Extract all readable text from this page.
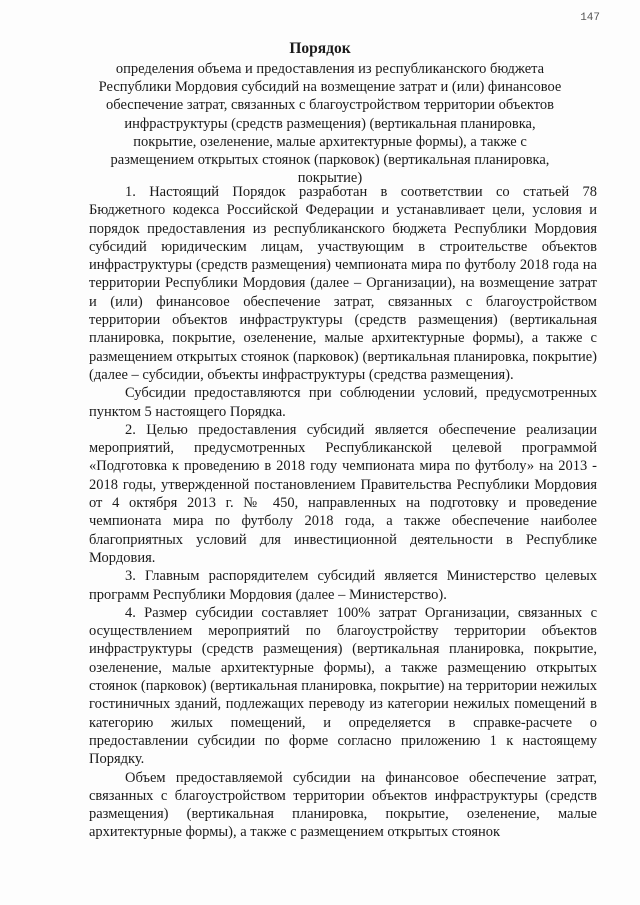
147
Порядок
определения объема и предоставления из республиканского бюджета Республики Мордовия субсидий на возмещение затрат и (или) финансовое обеспечение затрат, связанных с благоустройством территории объектов инфраструктуры (средств размещения) (вертикальная планировка, покрытие, озеленение, малые архитектурные формы), а также с размещением открытых стоянок (парковок) (вертикальная планировка, покрытие)

1. Настоящий Порядок разработан в соответствии со статьей 78 Бюджетного кодекса Российской Федерации и устанавливает цели, условия и порядок предоставления из республиканского бюджета Республики Мордовия субсидий юридическим лицам, участвующим в строительстве объектов инфраструктуры (средств размещения) чемпионата мира по футболу 2018 года на территории Республики Мордовия (далее – Организации), на возмещение затрат и (или) финансовое обеспечение затрат, связанных с благоустройством территории объектов инфраструктуры (средств размещения) (вертикальная планировка, покрытие, озеленение, малые архитектурные формы), а также с размещением открытых стоянок (парковок) (вертикальная планировка, покрытие) (далее – субсидии, объекты инфраструктуры (средства размещения).

Субсидии предоставляются при соблюдении условий, предусмотренных пунктом 5 настоящего Порядка.

2. Целью предоставления субсидий является обеспечение реализации мероприятий, предусмотренных Республиканской целевой программой «Подготовка к проведению в 2018 году чемпионата мира по футболу» на 2013 - 2018 годы, утвержденной постановлением Правительства Республики Мордовия от 4 октября 2013 г. № 450, направленных на подготовку и проведение чемпионата мира по футболу 2018 года, а также обеспечение наиболее благоприятных условий для инвестиционной деятельности в Республике Мордовия.

3. Главным распорядителем субсидий является Министерство целевых программ Республики Мордовия (далее – Министерство).

4. Размер субсидии составляет 100% затрат Организации, связанных с осуществлением мероприятий по благоустройству территории объектов инфраструктуры (средств размещения) (вертикальная планировка, покрытие, озеленение, малые архитектурные формы), а также размещению открытых стоянок (парковок) (вертикальная планировка, покрытие) на территории нежилых гостиничных зданий, подлежащих переводу из категории нежилых помещений в категорию жилых помещений, и определяется в справке-расчете о предоставлении субсидии по форме согласно приложению 1 к настоящему Порядку.

Объем предоставляемой субсидии на финансовое обеспечение затрат, связанных с благоустройством территории объектов инфраструктуры (средств размещения) (вертикальная планировка, покрытие, озеленение, малые архитектурные формы), а также с размещением открытых стоянок
